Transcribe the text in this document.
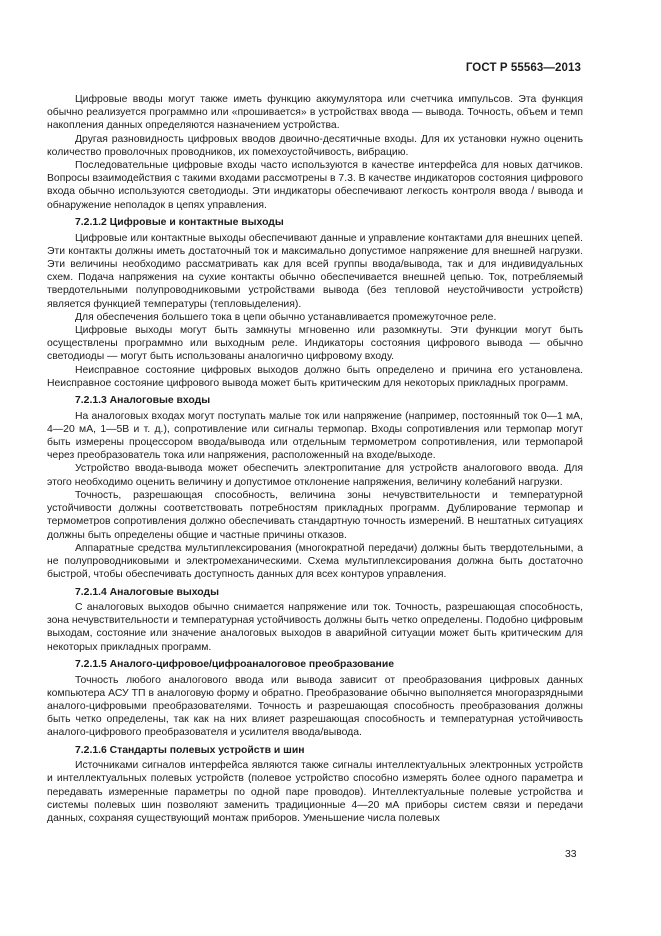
ГОСТ Р 55563—2013

Цифровые вводы могут также иметь функцию аккумулятора или счетчика импульсов. Эта функция обычно реализуется программно или «прошивается» в устройствах ввода — вывода. Точность, объем и темп накопления данных определяются назначением устройства.

Другая разновидность цифровых вводов двоично-десятичные входы. Для их установки нужно оценить количество проволочных проводников, их помехоустойчивость, вибрацию.

Последовательные цифровые входы часто используются в качестве интерфейса для новых датчиков. Вопросы взаимодействия с такими входами рассмотрены в 7.3. В качестве индикаторов состояния цифрового входа обычно используются светодиоды. Эти индикаторы обеспечивают легкость контроля ввода / вывода и обнаружение неполадок в цепях управления.

7.2.1.2 Цифровые и контактные выходы

Цифровые или контактные выходы обеспечивают данные и управление контактами для внешних цепей. Эти контакты должны иметь достаточный ток и максимально допустимое напряжение для внешней нагрузки. Эти величины необходимо рассматривать как для всей группы ввода/вывода, так и для индивидуальных схем. Подача напряжения на сухие контакты обычно обеспечивается внешней цепью. Ток, потребляемый твердотельными полупроводниковыми устройствами вывода (без тепловой неустойчивости устройств) является функцией температуры (тепловыделения).

Для обеспечения большего тока в цепи обычно устанавливается промежуточное реле.

Цифровые выходы могут быть замкнуты мгновенно или разомкнуты. Эти функции могут быть осуществлены программно или выходным реле. Индикаторы состояния цифрового вывода — обычно светодиоды — могут быть использованы аналогично цифровому входу.

Неисправное состояние цифровых выходов должно быть определено и причина его установлена. Неисправное состояние цифрового вывода может быть критическим для некоторых прикладных программ.

7.2.1.3 Аналоговые входы

На аналоговых входах могут поступать малые ток или напряжение (например, постоянный ток 0—1 мА, 4—20 мА, 1—5В и т. д.), сопротивление или сигналы термопар. Входы сопротивления или термопар могут быть измерены процессором ввода/вывода или отдельным термометром сопротивления, или термопарой через преобразователь тока или напряжения, расположенный на входе/выходе.

Устройство ввода-вывода может обеспечить электропитание для устройств аналогового ввода. Для этого необходимо оценить величину и допустимое отклонение напряжения, величину колебаний нагрузки.

Точность, разрешающая способность, величина зоны нечувствительности и температурной устойчивости должны соответствовать потребностям прикладных программ. Дублирование термопар и термометров сопротивления должно обеспечивать стандартную точность измерений. В нештатных ситуациях должны быть определены общие и частные причины отказов.

Аппаратные средства мультиплексирования (многократной передачи) должны быть твердотельными, а не полупроводниковыми и электромеханическими. Схема мультиплексирования должна быть достаточно быстрой, чтобы обеспечивать доступность данных для всех контуров управления.

7.2.1.4 Аналоговые выходы

С аналоговых выходов обычно снимается напряжение или ток. Точность, разрешающая способность, зона нечувствительности и температурная устойчивость должны быть четко определены. Подобно цифровым выходам, состояние или значение аналоговых выходов в аварийной ситуации может быть критическим для некоторых прикладных программ.

7.2.1.5 Аналого-цифровое/цифроаналоговое преобразование

Точность любого аналогового ввода или вывода зависит от преобразования цифровых данных компьютера АСУ ТП в аналоговую форму и обратно. Преобразование обычно выполняется многоразрядными аналого-цифровыми преобразователями. Точность и разрешающая способность преобразования должны быть четко определены, так как на них влияет разрешающая способность и температурная устойчивость аналого-цифрового преобразователя и усилителя ввода/вывода.

7.2.1.6 Стандарты полевых устройств и шин

Источниками сигналов интерфейса являются также сигналы интеллектуальных электронных устройств и интеллектуальных полевых устройств (полевое устройство способно измерять более одного параметра и передавать измеренные параметры по одной паре проводов). Интеллектуальные полевые устройства и системы полевых шин позволяют заменить традиционные 4—20 мА приборы систем связи и передачи данных, сохраняя существующий монтаж приборов. Уменьшение числа полевых

33
